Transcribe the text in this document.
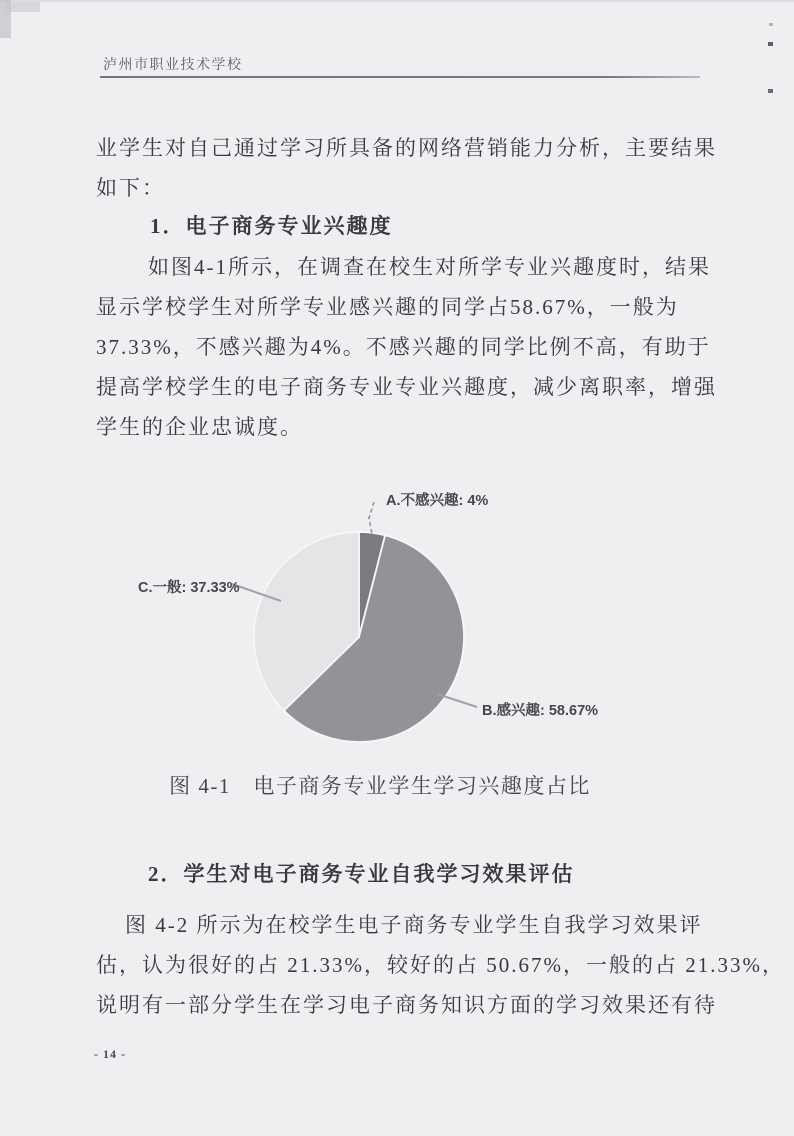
泸州市职业技术学校
业学生对自己通过学习所具备的网络营销能力分析，主要结果
如下：
1．电子商务专业兴趣度
如图4-1所示，在调查在校生对所学专业兴趣度时，结果
显示学校学生对所学专业感兴趣的同学占58.67%，一般为
37.33%，不感兴趣为4%。不感兴趣的同学比例不高，有助于
提高学校学生的电子商务专业专业兴趣度，减少离职率，增强
学生的企业忠诚度。
A.不感兴趣: 4%
C.一般: 37.33%
B.感兴趣: 58.67%
图 4-1　电子商务专业学生学习兴趣度占比
2．学生对电子商务专业自我学习效果评估
图 4-2 所示为在校学生电子商务专业学生自我学习效果评
估，认为很好的占 21.33%，较好的占 50.67%，一般的占 21.33%，
说明有一部分学生在学习电子商务知识方面的学习效果还有待
- 14 -
